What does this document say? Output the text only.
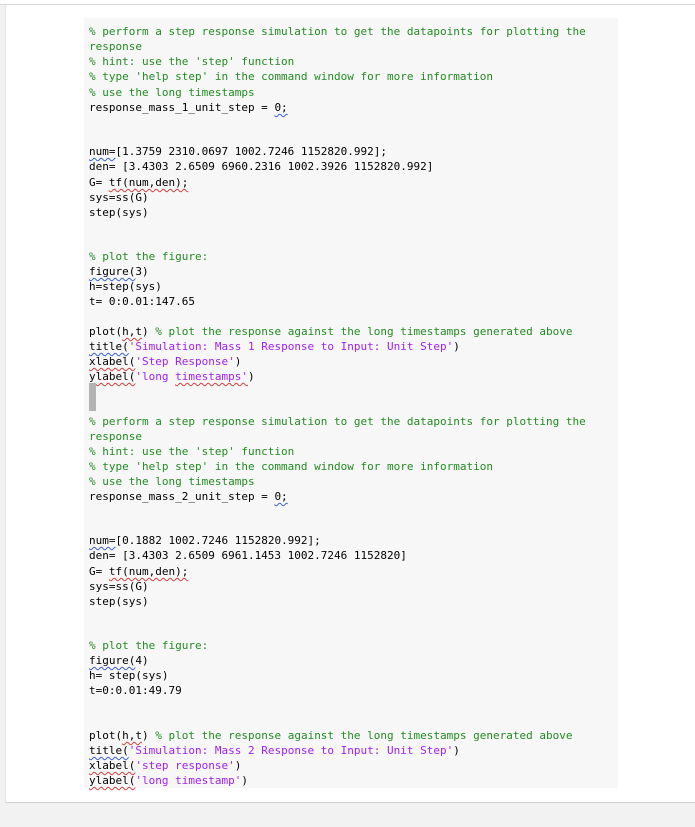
% perform a step response simulation to get the datapoints for plotting the
response
% hint: use the 'step' function
% type 'help step' in the command window for more information
% use the long timestamps
response_mass_1_unit_step = 0;
num=[1.3759 2310.0697 1002.7246 1152820.992];
den= [3.4303 2.6509 6960.2316 1002.3926 1152820.992]
G= tf(num,den);
sys=ss(G)
step(sys)
% plot the figure:
figure(3)
h=step(sys)
t= 0:0.01:147.65
plot(h,t) % plot the response against the long timestamps generated above
title('Simulation: Mass 1 Response to Input: Unit Step')
xlabel('Step Response')
ylabel('long timestamps')
% perform a step response simulation to get the datapoints for plotting the
response
% hint: use the 'step' function
% type 'help step' in the command window for more information
% use the long timestamps
response_mass_2_unit_step = 0;
num=[0.1882 1002.7246 1152820.992];
den= [3.4303 2.6509 6961.1453 1002.7246 1152820]
G= tf(num,den);
sys=ss(G)
step(sys)
% plot the figure:
figure(4)
h= step(sys)
t=0:0.01:49.79
plot(h,t) % plot the response against the long timestamps generated above
title('Simulation: Mass 2 Response to Input: Unit Step')
xlabel('step response')
ylabel('long timestamp')
